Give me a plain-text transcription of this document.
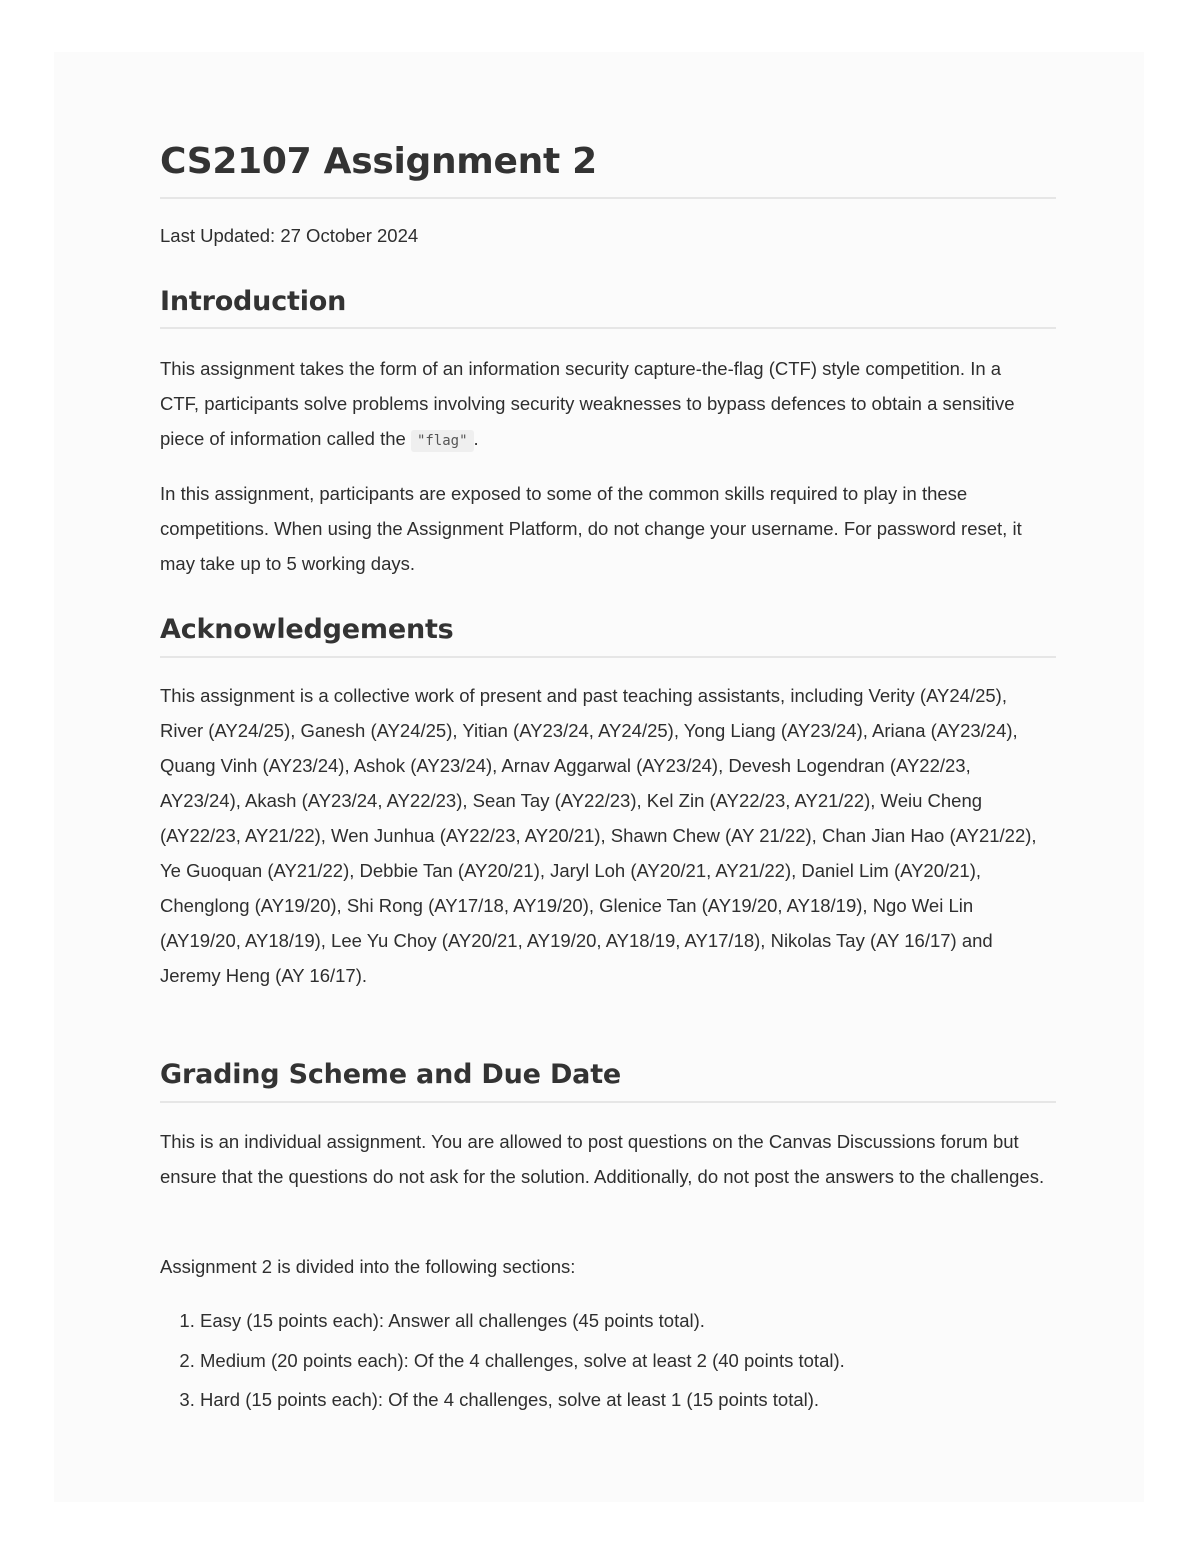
CS2107 Assignment 2

Last Updated: 27 October 2024

Introduction

This assignment takes the form of an information security capture-the-flag (CTF) style competition. In a CTF, participants solve problems involving security weaknesses to bypass defences to obtain a sensitive piece of information called the "flag" .

In this assignment, participants are exposed to some of the common skills required to play in these competitions. When using the Assignment Platform, do not change your username. For password reset, it may take up to 5 working days.

Acknowledgements

This assignment is a collective work of present and past teaching assistants, including Verity (AY24/25), River (AY24/25), Ganesh (AY24/25), Yitian (AY23/24, AY24/25), Yong Liang (AY23/24), Ariana (AY23/24), Quang Vinh (AY23/24), Ashok (AY23/24), Arnav Aggarwal (AY23/24), Devesh Logendran (AY22/23, AY23/24), Akash (AY23/24, AY22/23), Sean Tay (AY22/23), Kel Zin (AY22/23, AY21/22), Weiu Cheng (AY22/23, AY21/22), Wen Junhua (AY22/23, AY20/21), Shawn Chew (AY 21/22), Chan Jian Hao (AY21/22), Ye Guoquan (AY21/22), Debbie Tan (AY20/21), Jaryl Loh (AY20/21, AY21/22), Daniel Lim (AY20/21), Chenglong (AY19/20), Shi Rong (AY17/18, AY19/20), Glenice Tan (AY19/20, AY18/19), Ngo Wei Lin (AY19/20, AY18/19), Lee Yu Choy (AY20/21, AY19/20, AY18/19, AY17/18), Nikolas Tay (AY 16/17) and Jeremy Heng (AY 16/17).

Grading Scheme and Due Date

This is an individual assignment. You are allowed to post questions on the Canvas Discussions forum but ensure that the questions do not ask for the solution. Additionally, do not post the answers to the challenges.

Assignment 2 is divided into the following sections:

1. Easy (15 points each): Answer all challenges (45 points total).
2. Medium (20 points each): Of the 4 challenges, solve at least 2 (40 points total).
3. Hard (15 points each): Of the 4 challenges, solve at least 1 (15 points total).
